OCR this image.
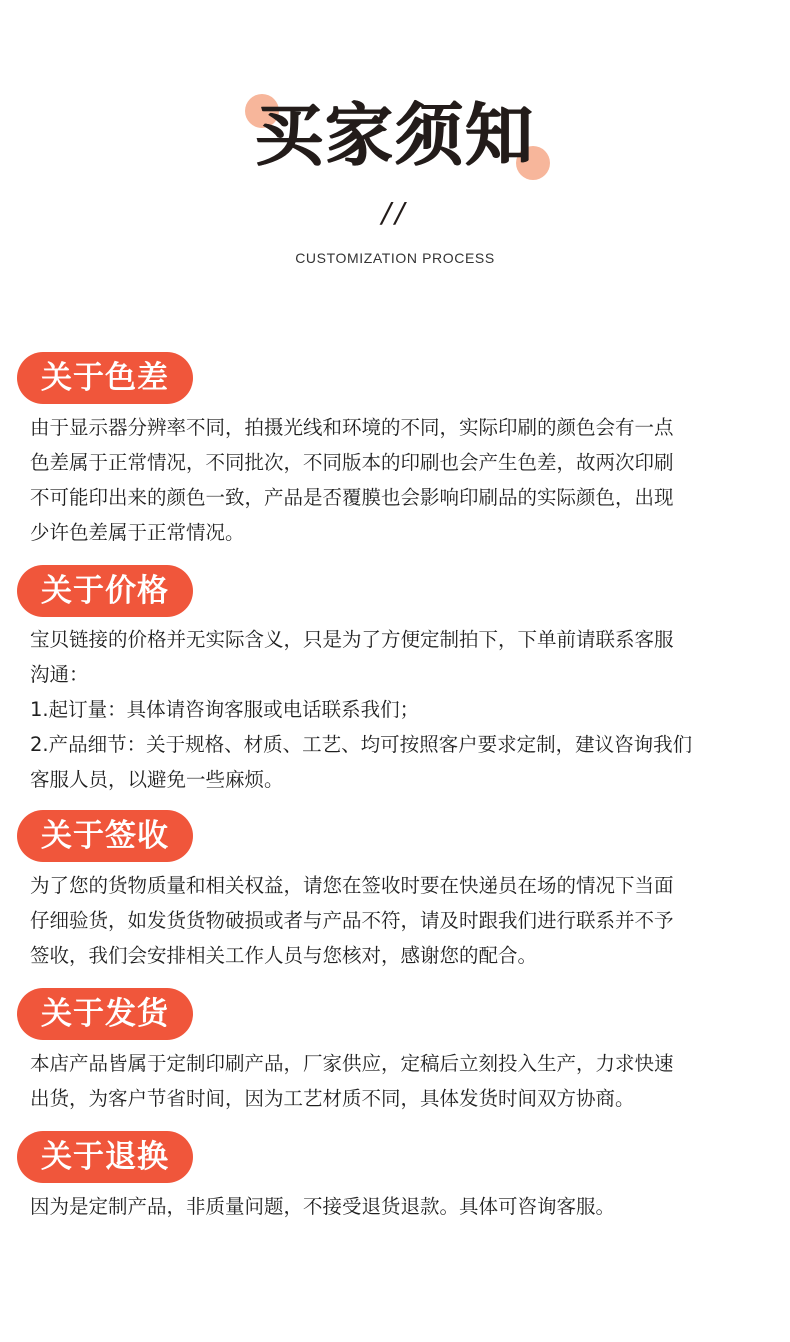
买家须知
//
CUSTOMIZATION PROCESS
关于色差
由于显示器分辨率不同，拍摄光线和环境的不同，实际印刷的颜色会有一点
色差属于正常情况，不同批次，不同版本的印刷也会产生色差，故两次印刷
不可能印出来的颜色一致，产品是否覆膜也会影响印刷品的实际颜色，出现
少许色差属于正常情况。
关于价格
宝贝链接的价格并无实际含义，只是为了方便定制拍下，下单前请联系客服
沟通：
1.起订量：具体请咨询客服或电话联系我们；
2.产品细节：关于规格、材质、工艺、均可按照客户要求定制，建议咨询我们
客服人员，以避免一些麻烦。
关于签收
为了您的货物质量和相关权益，请您在签收时要在快递员在场的情况下当面
仔细验货，如发货货物破损或者与产品不符，请及时跟我们进行联系并不予
签收，我们会安排相关工作人员与您核对，感谢您的配合。
关于发货
本店产品皆属于定制印刷产品，厂家供应，定稿后立刻投入生产，力求快速
出货，为客户节省时间，因为工艺材质不同，具体发货时间双方协商。
关于退换
因为是定制产品，非质量问题，不接受退货退款。具体可咨询客服。
